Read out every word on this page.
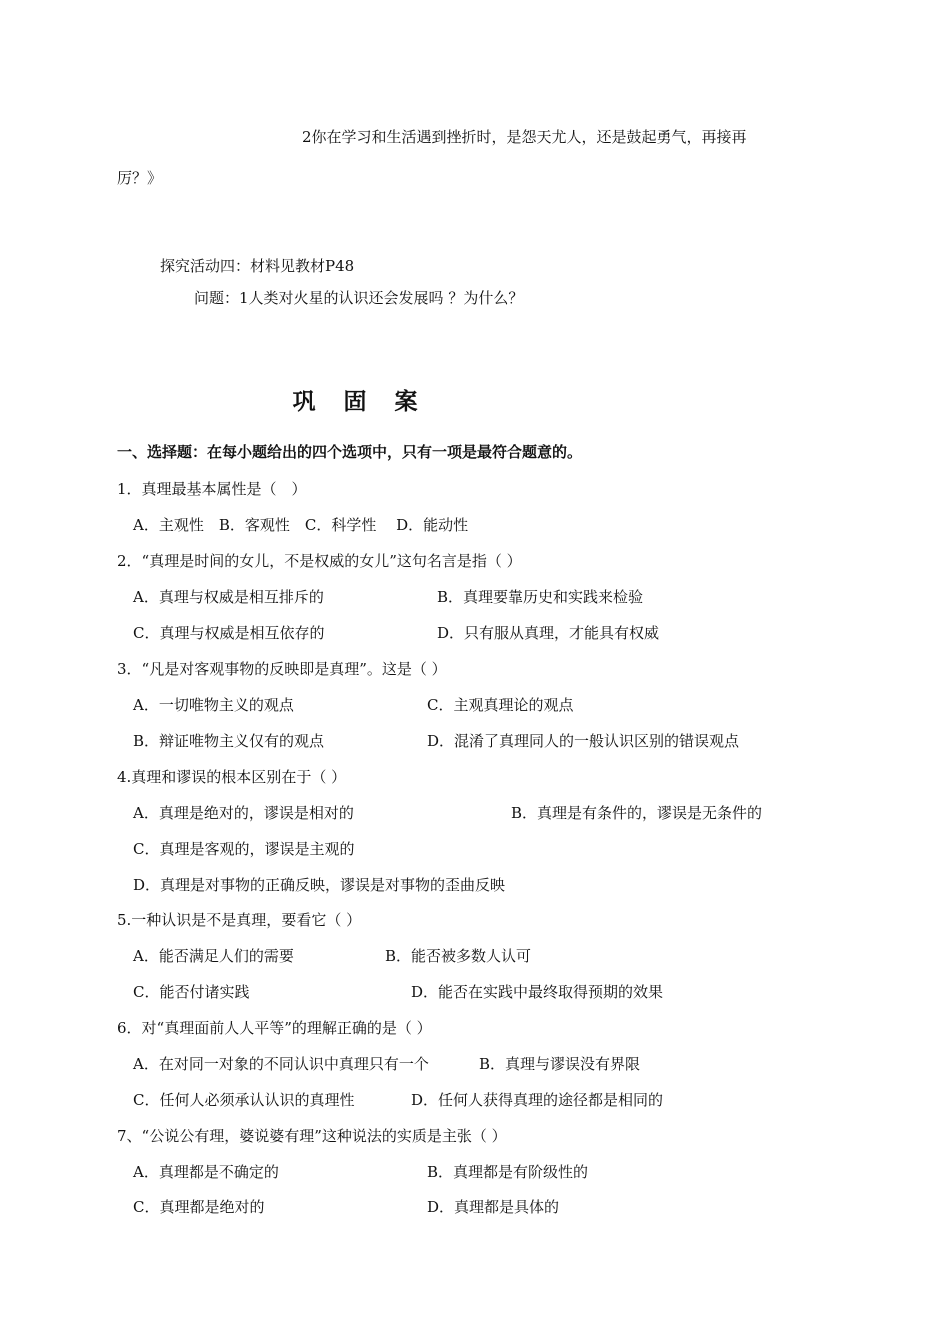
2你在学习和生活遇到挫折时，是怨天尤人，还是鼓起勇气，再接再
厉？》
探究活动四：材料见教材P48
问题：1人类对火星的认识还会发展吗 ？为什么？
巩 固 案
一、选择题：在每小题给出的四个选项中，只有一项是最符合题意的。
1．真理最基本属性是（　）
A．主观性　B．客观性　C．科学性　 D．能动性
2．“真理是时间的女儿，不是权威的女儿”这句名言是指（ ）
A．真理与权威是相互排斥的	B．真理要靠历史和实践来检验
C．真理与权威是相互依存的	D．只有服从真理，才能具有权威
3．“凡是对客观事物的反映即是真理”。这是（ ）
A．一切唯物主义的观点	C．主观真理论的观点
B．辩证唯物主义仅有的观点	D．混淆了真理同人的一般认识区别的错误观点
4.真理和谬误的根本区别在于（ ）
A．真理是绝对的，谬误是相对的	B．真理是有条件的，谬误是无条件的
C．真理是客观的，谬误是主观的
D．真理是对事物的正确反映，谬误是对事物的歪曲反映
5.一种认识是不是真理，要看它（ ）
A．能否满足人们的需要	B．能否被多数人认可
C．能否付诸实践	D．能否在实践中最终取得预期的效果
6．对“真理面前人人平等”的理解正确的是（ ）
A．在对同一对象的不同认识中真理只有一个	B．真理与谬误没有界限
C．任何人必须承认认识的真理性	D．任何人获得真理的途径都是相同的
7、“公说公有理，婆说婆有理”这种说法的实质是主张（ ）
A．真理都是不确定的	B．真理都是有阶级性的
C．真理都是绝对的	D．真理都是具体的
